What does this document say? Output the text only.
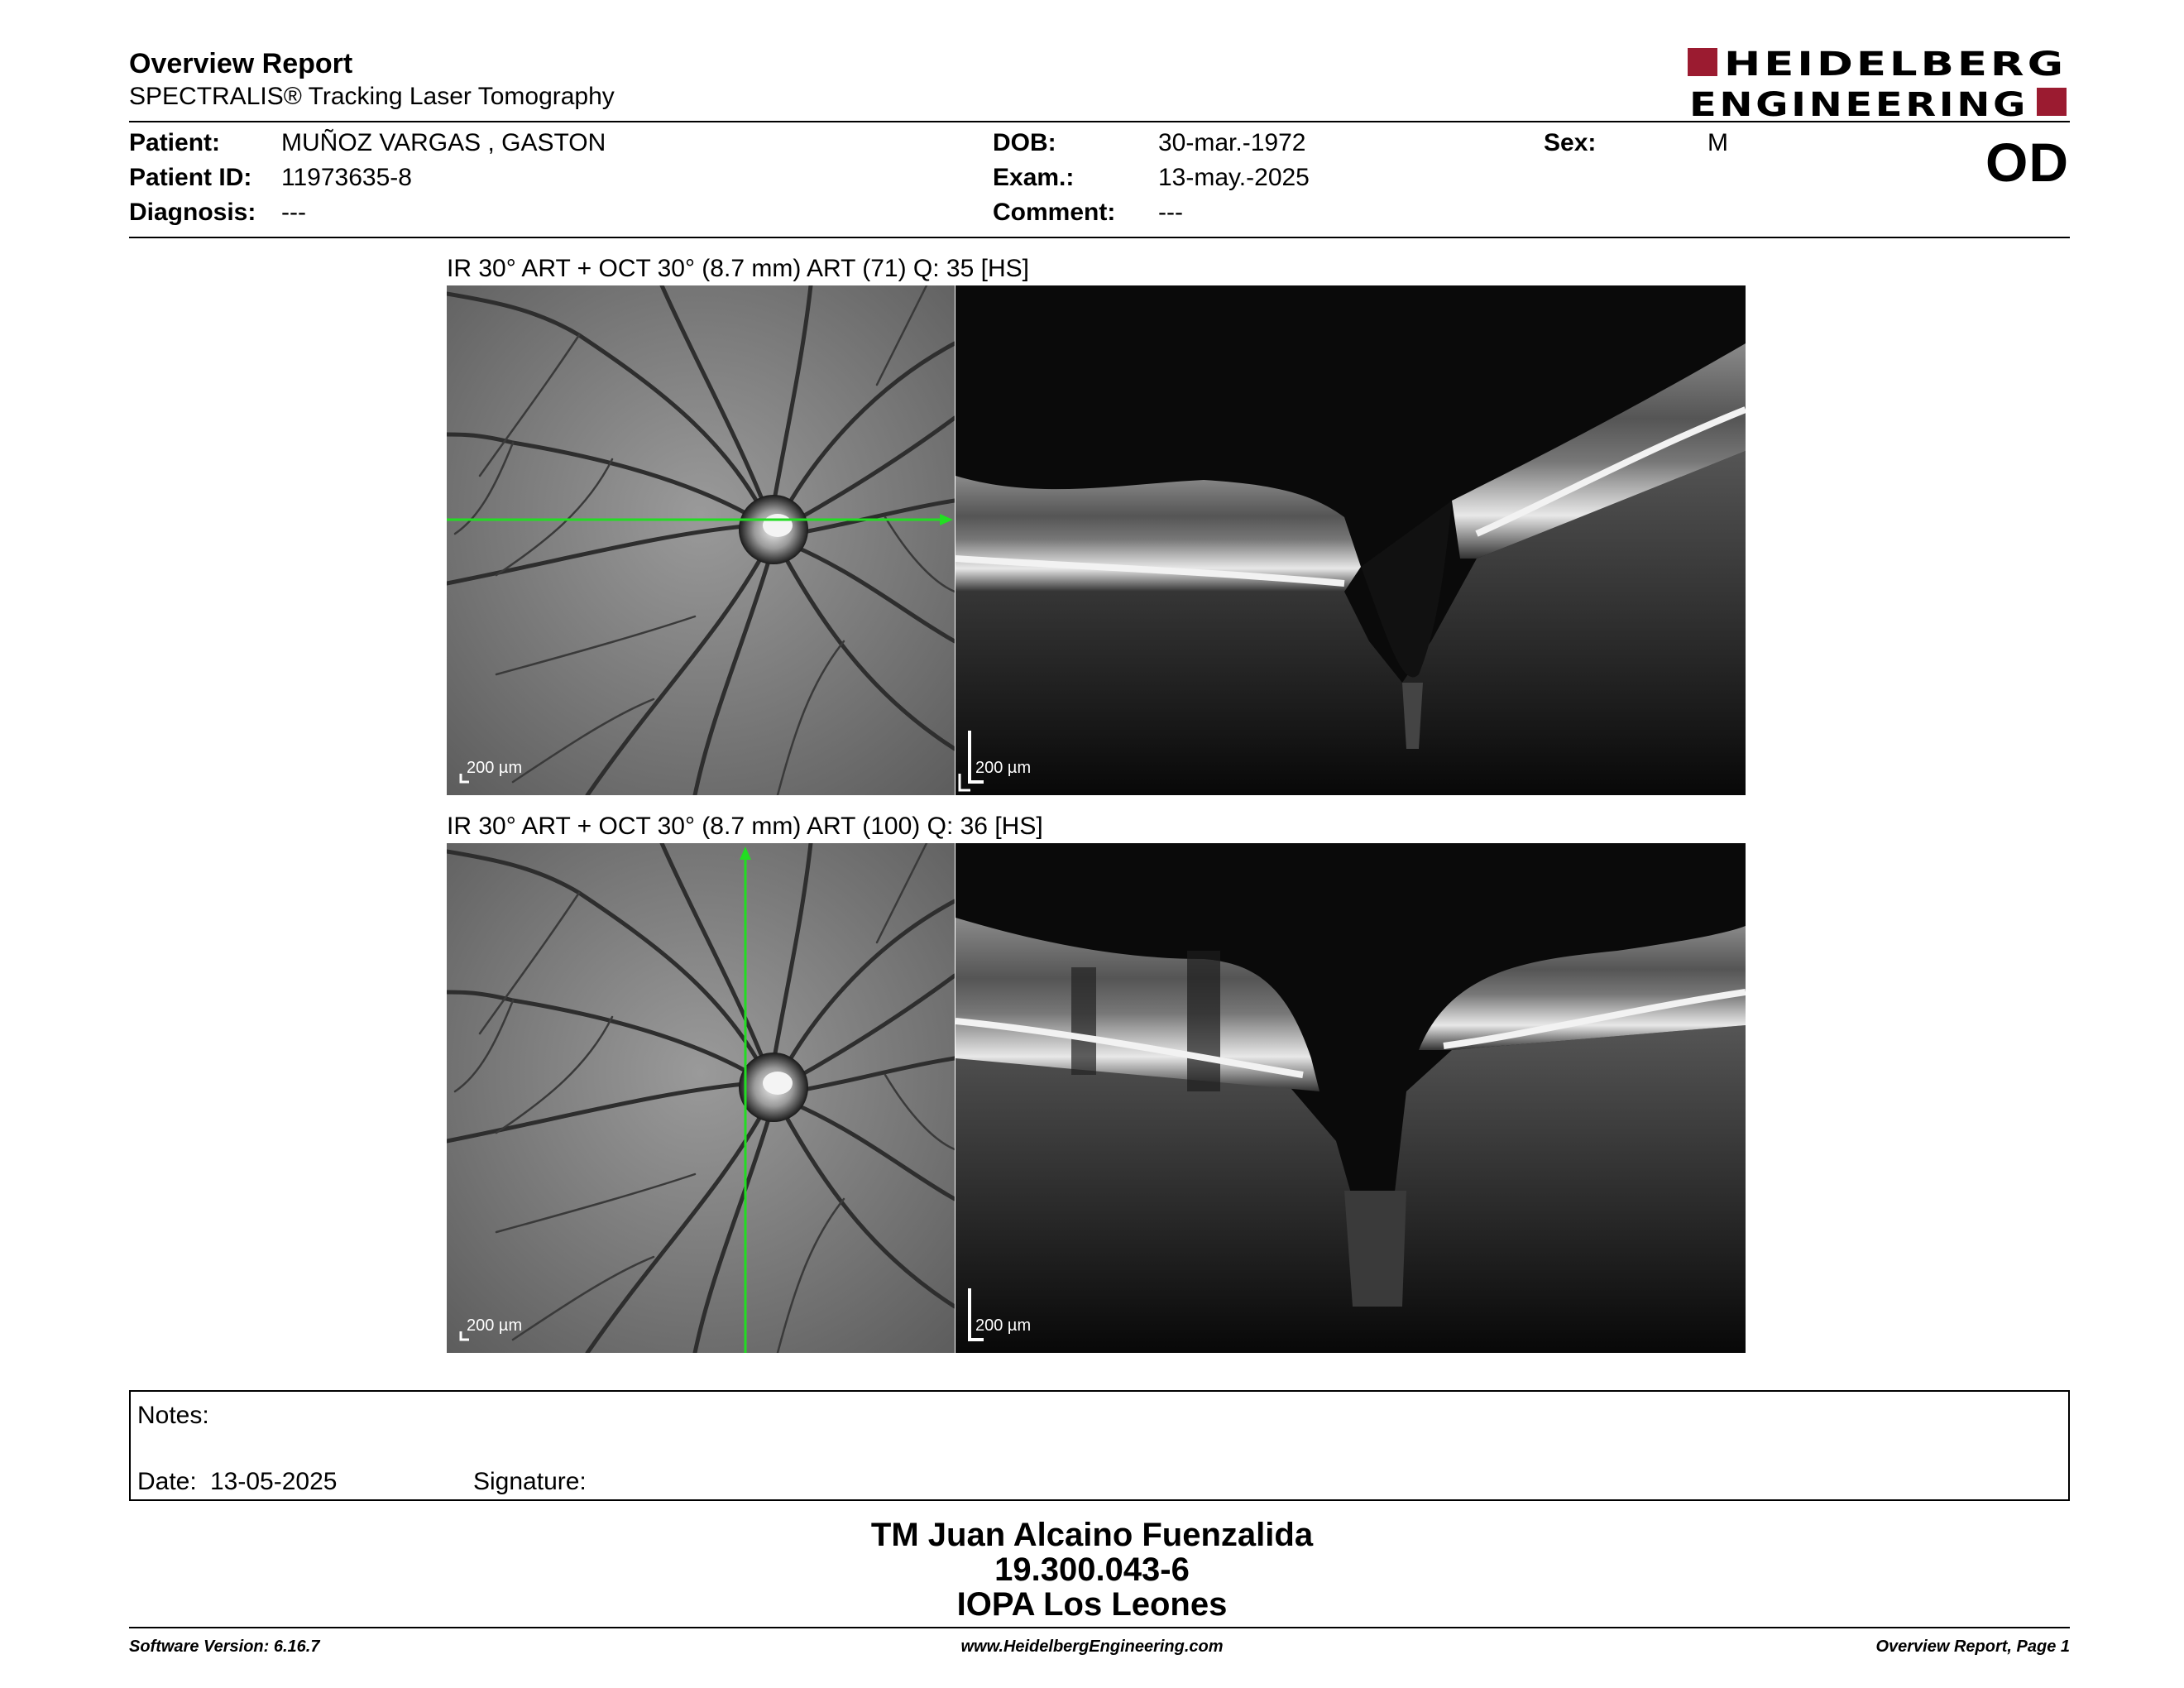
Overview Report
SPECTRALIS® Tracking Laser Tomography
HEIDELBERG
ENGINEERING
Patient: MUÑOZ VARGAS , GASTON
Patient ID: 11973635-8
Diagnosis: ---
DOB:	30-mar.-1972
Exam.:	13-may.-2025
Comment: ---
Sex:	M	OD
IR 30° ART + OCT 30° (8.7 mm) ART (71) Q: 35 [HS]
200 µm	200 µm
IR 30° ART + OCT 30° (8.7 mm) ART (100) Q: 36 [HS]
200 µm	200 µm
Notes:
Date: 13-05-2025	Signature:
TM Juan Alcaino Fuenzalida
19.300.043-6
IOPA Los Leones
Software Version: 6.16.7	www.HeidelbergEngineering.com	Overview Report, Page 1
